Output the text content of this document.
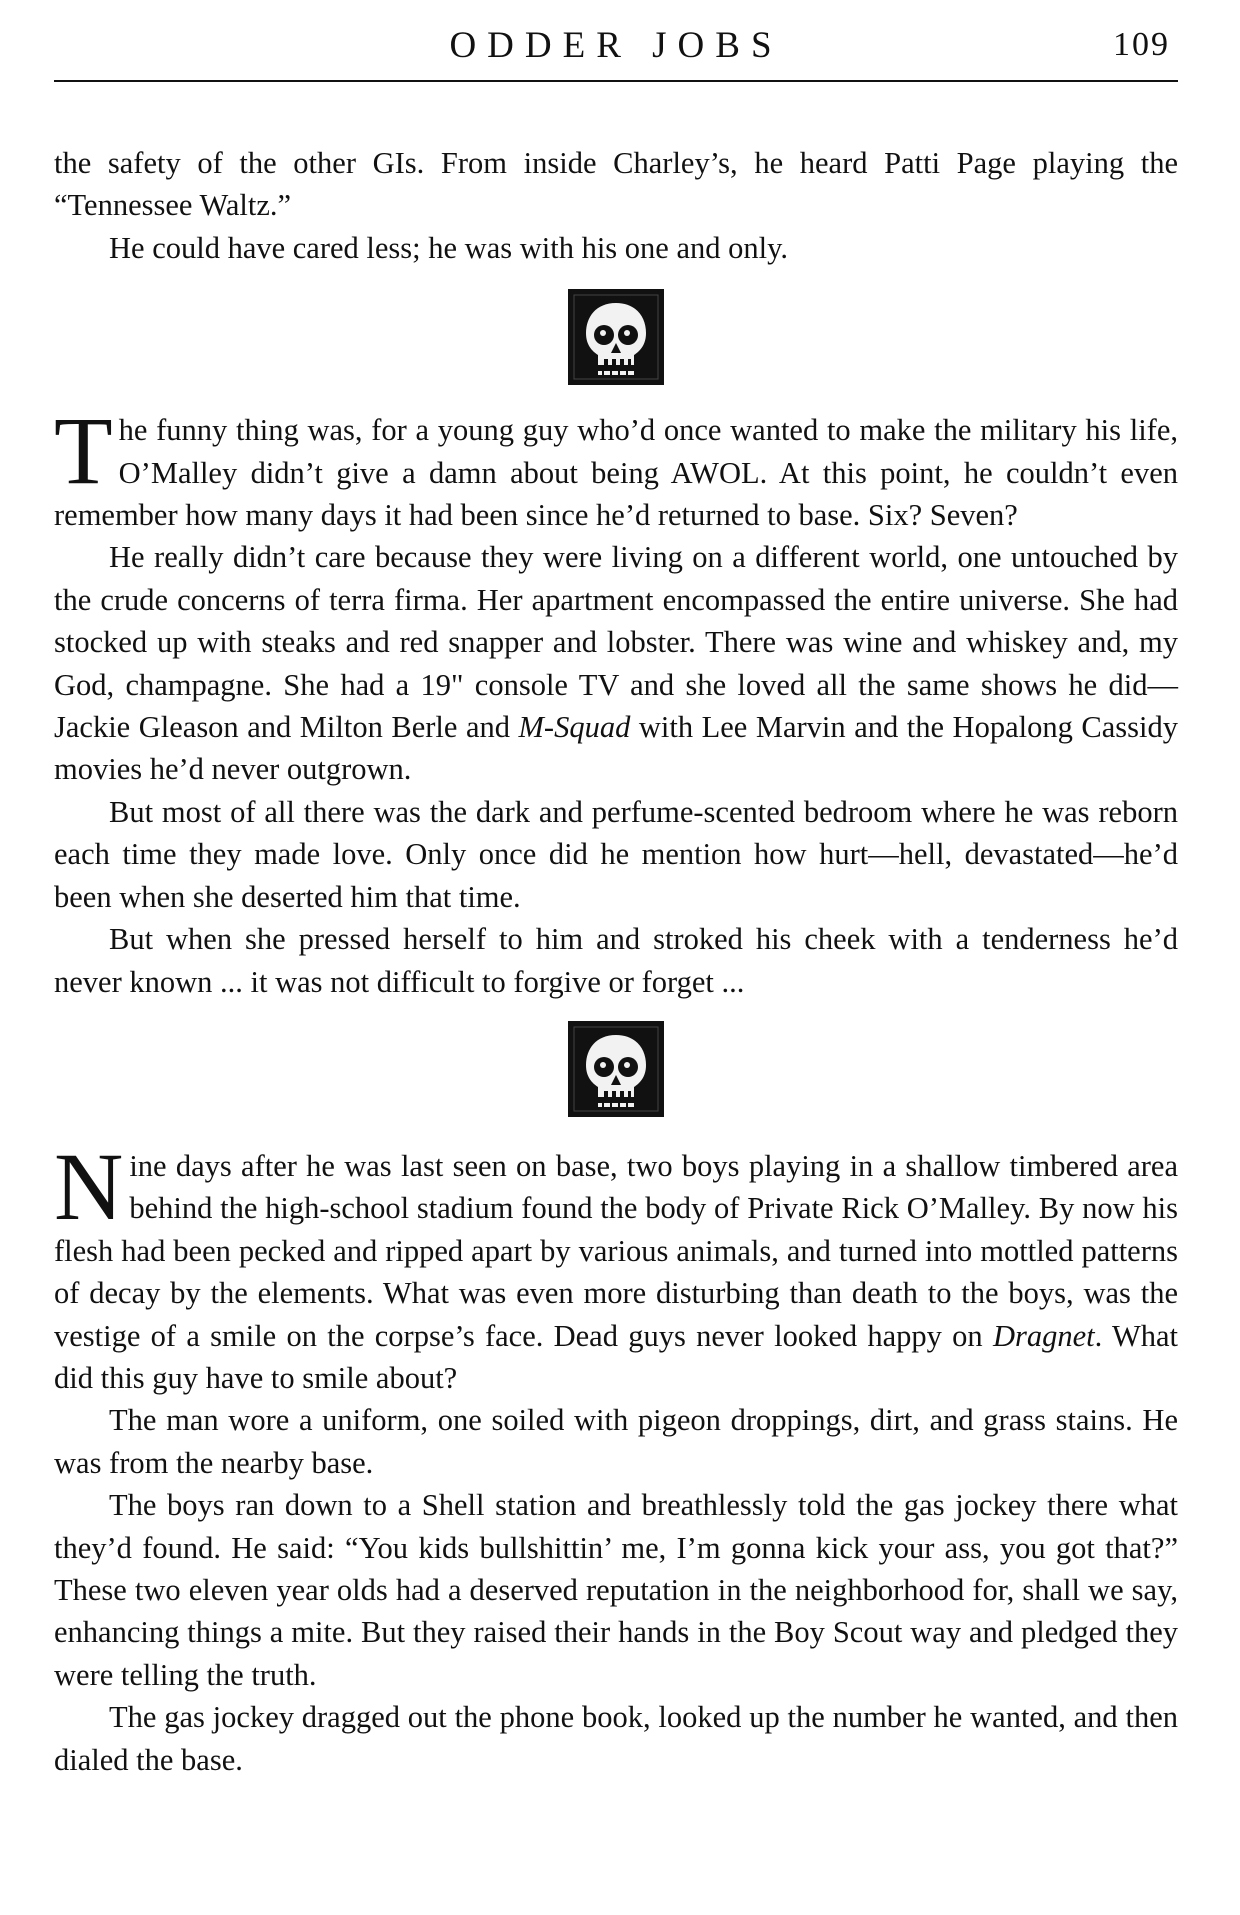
ODDER JOBS	109

the safety of the other GIs. From inside Charley’s, he heard Patti Page playing the “Tennessee Waltz.”

He could have cared less; he was with his one and only.

The funny thing was, for a young guy who’d once wanted to make the military his life, O’Malley didn’t give a damn about being AWOL. At this point, he couldn’t even remember how many days it had been since he’d returned to base. Six? Seven?

He really didn’t care because they were living on a different world, one untouched by the crude concerns of terra firma. Her apartment encompassed the entire universe. She had stocked up with steaks and red snapper and lobster. There was wine and whiskey and, my God, champagne. She had a 19" console TV and she loved all the same shows he did—Jackie Gleason and Milton Berle and M-Squad with Lee Marvin and the Hopalong Cassidy movies he’d never outgrown.

But most of all there was the dark and perfume-scented bedroom where he was reborn each time they made love. Only once did he mention how hurt—hell, devastated—he’d been when she deserted him that time.

But when she pressed herself to him and stroked his cheek with a tenderness he’d never known ... it was not difficult to forgive or forget ...

Nine days after he was last seen on base, two boys playing in a shallow timbered area behind the high-school stadium found the body of Private Rick O’Malley. By now his flesh had been pecked and ripped apart by various animals, and turned into mottled patterns of decay by the elements. What was even more disturbing than death to the boys, was the vestige of a smile on the corpse’s face. Dead guys never looked happy on Dragnet. What did this guy have to smile about?

The man wore a uniform, one soiled with pigeon droppings, dirt, and grass stains. He was from the nearby base.

The boys ran down to a Shell station and breathlessly told the gas jockey there what they’d found. He said: “You kids bullshittin’ me, I’m gonna kick your ass, you got that?” These two eleven year olds had a deserved reputation in the neighborhood for, shall we say, enhancing things a mite. But they raised their hands in the Boy Scout way and pledged they were telling the truth.

The gas jockey dragged out the phone book, looked up the number he wanted, and then dialed the base.
